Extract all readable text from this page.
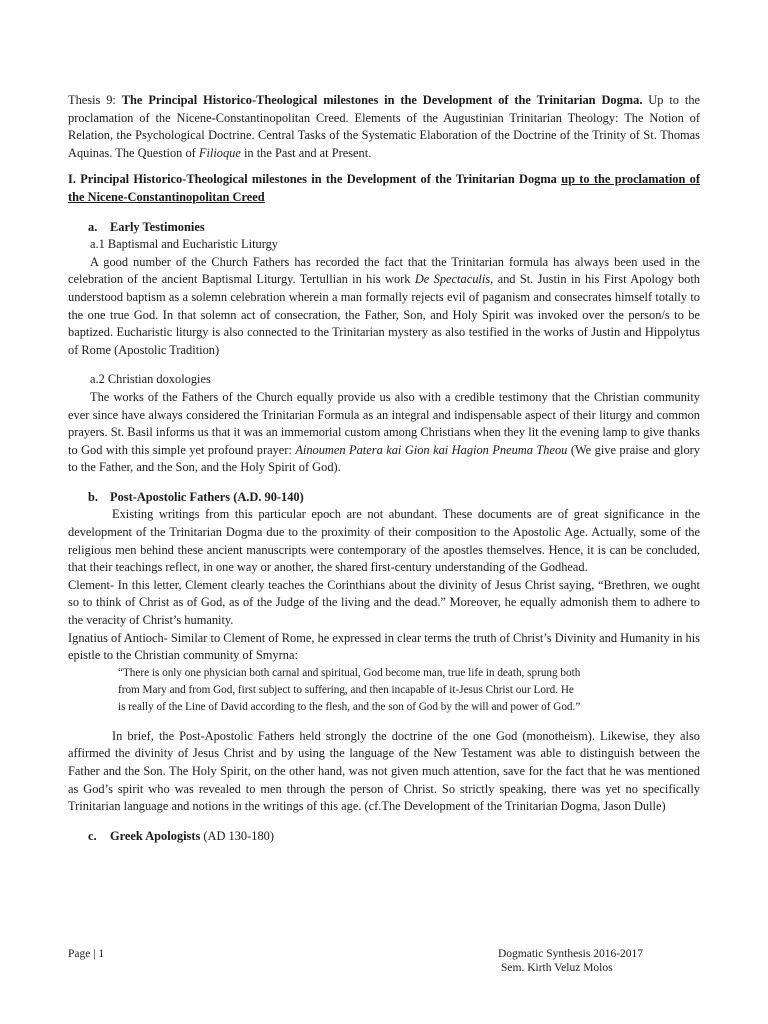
Thesis 9: The Principal Historico-Theological milestones in the Development of the Trinitarian Dogma. Up to the proclamation of the Nicene-Constantinopolitan Creed. Elements of the Augustinian Trinitarian Theology: The Notion of Relation, the Psychological Doctrine. Central Tasks of the Systematic Elaboration of the Doctrine of the Trinity of St. Thomas Aquinas. The Question of Filioque in the Past and at Present.

I. Principal Historico-Theological milestones in the Development of the Trinitarian Dogma up to the proclamation of the Nicene-Constantinopolitan Creed

a. Early Testimonies

a.1 Baptismal and Eucharistic Liturgy

A good number of the Church Fathers has recorded the fact that the Trinitarian formula has always been used in the celebration of the ancient Baptismal Liturgy. Tertullian in his work De Spectaculis, and St. Justin in his First Apology both understood baptism as a solemn celebration wherein a man formally rejects evil of paganism and consecrates himself totally to the one true God. In that solemn act of consecration, the Father, Son, and Holy Spirit was invoked over the person/s to be baptized. Eucharistic liturgy is also connected to the Trinitarian mystery as also testified in the works of Justin and Hippolytus of Rome (Apostolic Tradition)

a.2 Christian doxologies

The works of the Fathers of the Church equally provide us also with a credible testimony that the Christian community ever since have always considered the Trinitarian Formula as an integral and indispensable aspect of their liturgy and common prayers. St. Basil informs us that it was an immemorial custom among Christians when they lit the evening lamp to give thanks to God with this simple yet profound prayer: Ainoumen Patera kai Gion kai Hagion Pneuma Theou (We give praise and glory to the Father, and the Son, and the Holy Spirit of God).

b. Post-Apostolic Fathers (A.D. 90-140)

Existing writings from this particular epoch are not abundant. These documents are of great significance in the development of the Trinitarian Dogma due to the proximity of their composition to the Apostolic Age. Actually, some of the religious men behind these ancient manuscripts were contemporary of the apostles themselves. Hence, it is can be concluded, that their teachings reflect, in one way or another, the shared first-century understanding of the Godhead.

Clement- In this letter, Clement clearly teaches the Corinthians about the divinity of Jesus Christ saying, “Brethren, we ought so to think of Christ as of God, as of the Judge of the living and the dead.” Moreover, he equally admonish them to adhere to the veracity of Christ’s humanity.

Ignatius of Antioch- Similar to Clement of Rome, he expressed in clear terms the truth of Christ’s Divinity and Humanity in his epistle to the Christian community of Smyrna:

“There is only one physician both carnal and spiritual, God become man, true life in death, sprung both

from Mary and from God, first subject to suffering, and then incapable of it-Jesus Christ our Lord. He

is really of the Line of David according to the flesh, and the son of God by the will and power of God.”

In brief, the Post-Apostolic Fathers held strongly the doctrine of the one God (monotheism). Likewise, they also affirmed the divinity of Jesus Christ and by using the language of the New Testament was able to distinguish between the Father and the Son. The Holy Spirit, on the other hand, was not given much attention, save for the fact that he was mentioned as God’s spirit who was revealed to men through the person of Christ. So strictly speaking, there was yet no specifically Trinitarian language and notions in the writings of this age. (cf.The Development of the Trinitarian Dogma, Jason Dulle)

c. Greek Apologists (AD 130-180)

Page | 1	Dogmatic Synthesis 2016-2017
Sem. Kirth Veluz Molos
